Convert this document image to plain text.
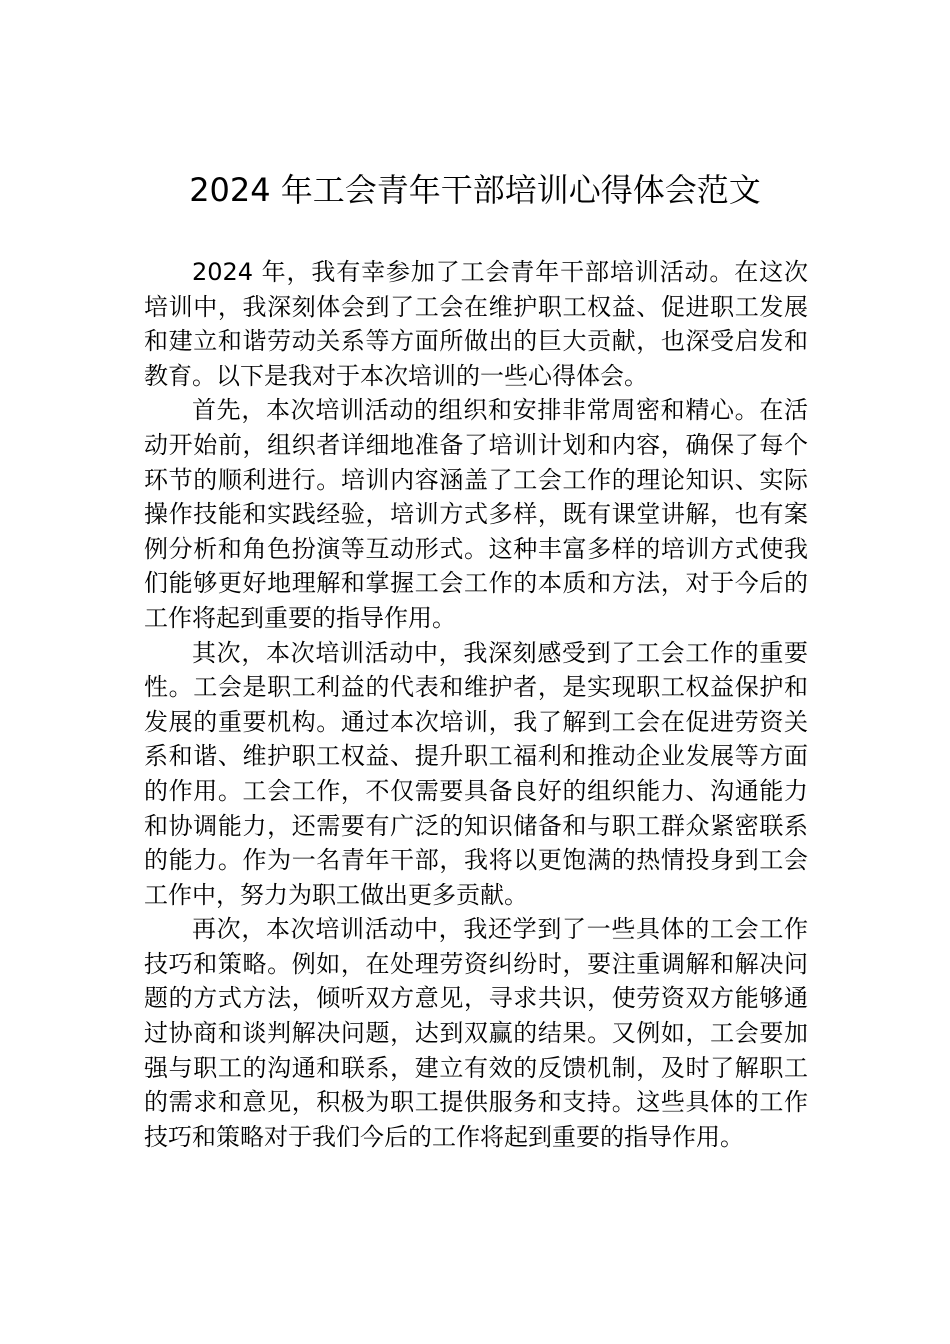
2024 年工会青年干部培训心得体会范文

2024 年，我有幸参加了工会青年干部培训活动。在这次培训中，我深刻体会到了工会在维护职工权益、促进职工发展和建立和谐劳动关系等方面所做出的巨大贡献，也深受启发和教育。以下是我对于本次培训的一些心得体会。

首先，本次培训活动的组织和安排非常周密和精心。在活动开始前，组织者详细地准备了培训计划和内容，确保了每个环节的顺利进行。培训内容涵盖了工会工作的理论知识、实际操作技能和实践经验，培训方式多样，既有课堂讲解，也有案例分析和角色扮演等互动形式。这种丰富多样的培训方式使我们能够更好地理解和掌握工会工作的本质和方法，对于今后的工作将起到重要的指导作用。

其次，本次培训活动中，我深刻感受到了工会工作的重要性。工会是职工利益的代表和维护者，是实现职工权益保护和发展的重要机构。通过本次培训，我了解到工会在促进劳资关系和谐、维护职工权益、提升职工福利和推动企业发展等方面的作用。工会工作，不仅需要具备良好的组织能力、沟通能力和协调能力，还需要有广泛的知识储备和与职工群众紧密联系的能力。作为一名青年干部，我将以更饱满的热情投身到工会工作中，努力为职工做出更多贡献。

再次，本次培训活动中，我还学到了一些具体的工会工作技巧和策略。例如，在处理劳资纠纷时，要注重调解和解决问题的方式方法，倾听双方意见，寻求共识，使劳资双方能够通过协商和谈判解决问题，达到双赢的结果。又例如，工会要加强与职工的沟通和联系，建立有效的反馈机制，及时了解职工的需求和意见，积极为职工提供服务和支持。这些具体的工作技巧和策略对于我们今后的工作将起到重要的指导作用。
